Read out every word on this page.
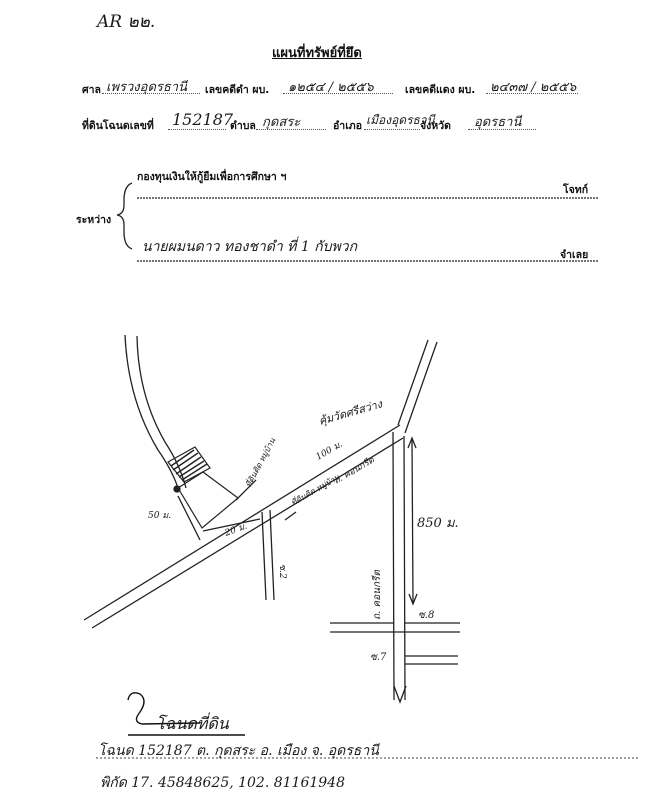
AR ๒๒.
แผนที่ทรัพย์ที่ยึด
ศาล เพรวงอุดรธานี เลขคดีดำ ผบ. ๑๒๕๔ / ๒๕๕๖	เลขคดีแดง ผบ. ๒๔๓๗ / ๒๕๕๖
ที่ดินโฉนดเลขที่ 152187
ตำบล กุดสระ	อำเภอ เมืองอุดรธานี
จังหวัด อุดรธานี
กองทุนเงินให้กู้ยืมเพื่อการศึกษา ฯ
โจทก์
ระหว่าง
นายผมนดาว ทองชาดำ ที่ 1 กับพวก	จำเลย
คุ้มวัดศรีสว่าง
100 ม.
ถ. คอนกรีต
ที่ดินติด หมู่บ้าน
ที่ดินติด หมู่บ้าน
50 ม.
20 ม.	850 ม.
ซ.2	ถ. คอนกรีต	ซ.8
ซ.7
โฉนดที่ดิน
โฉนด 152187 ต. กุดสระ อ. เมือง จ. อุดรธานี
พิกัด 17. 45848625, 102. 81161948
